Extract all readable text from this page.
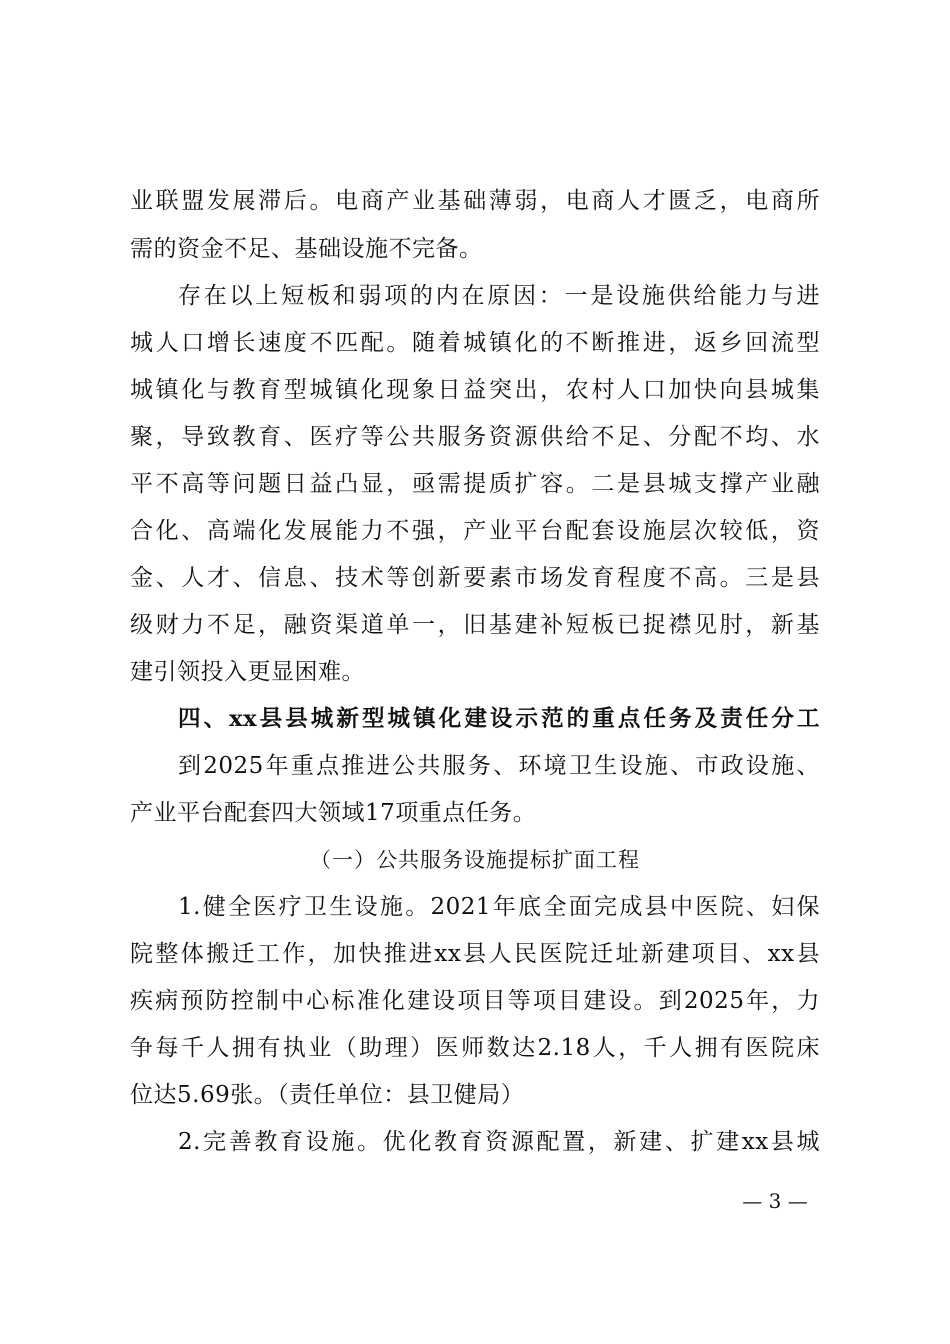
业联盟发展滞后。电商产业基础薄弱，电商人才匮乏，电商所
需的资金不足、基础设施不完备。
存在以上短板和弱项的内在原因：一是设施供给能力与进
城人口增长速度不匹配。随着城镇化的不断推进，返乡回流型
城镇化与教育型城镇化现象日益突出，农村人口加快向县城集
聚，导致教育、医疗等公共服务资源供给不足、分配不均、水
平不高等问题日益凸显，亟需提质扩容。二是县城支撑产业融
合化、高端化发展能力不强，产业平台配套设施层次较低，资
金、人才、信息、技术等创新要素市场发育程度不高。三是县
级财力不足，融资渠道单一，旧基建补短板已捉襟见肘，新基
建引领投入更显困难。
四、xx县县城新型城镇化建设示范的重点任务及责任分工
到2025年重点推进公共服务、环境卫生设施、市政设施、
产业平台配套四大领域17项重点任务。
（一）公共服务设施提标扩面工程
1.健全医疗卫生设施。2021年底全面完成县中医院、妇保
院整体搬迁工作，加快推进xx县人民医院迁址新建项目、xx县
疾病预防控制中心标准化建设项目等项目建设。到2025年，力
争每千人拥有执业（助理）医师数达2.18人，千人拥有医院床
位达5.69张。（责任单位：县卫健局）
2.完善教育设施。优化教育资源配置，新建、扩建xx县城
— 3 —
